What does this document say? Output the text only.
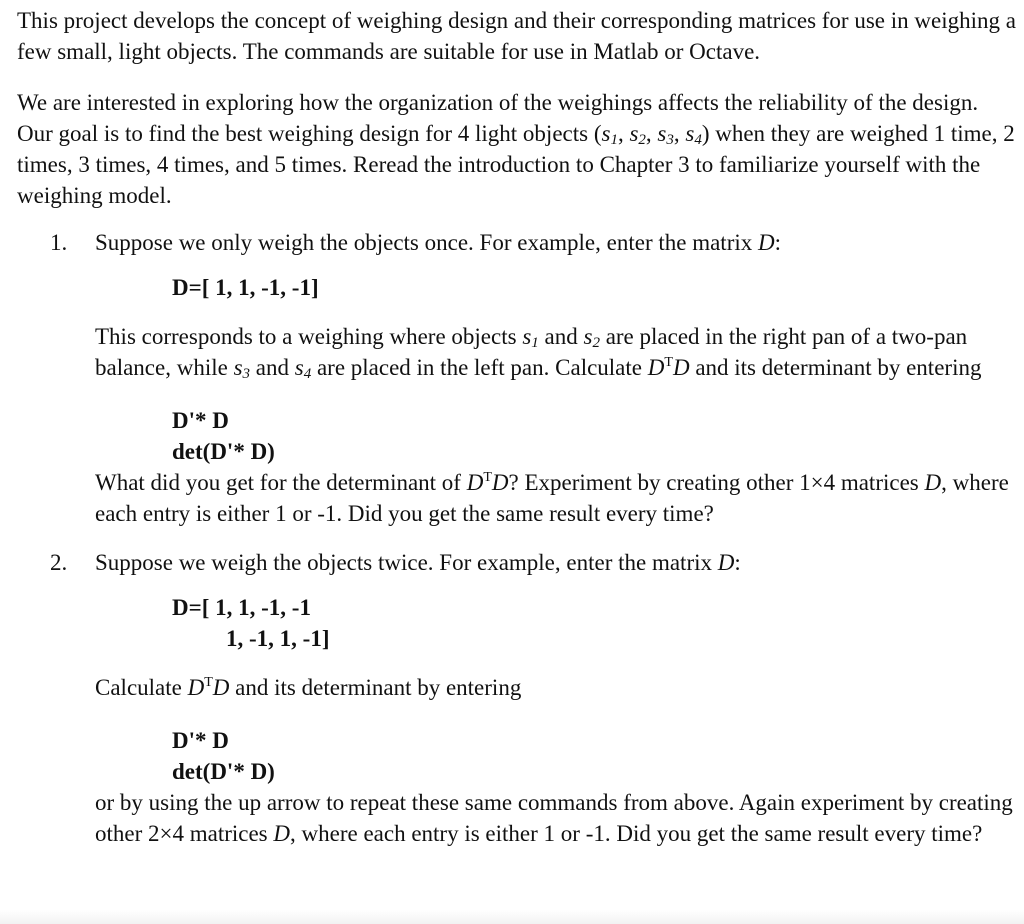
This project develops the concept of weighing design and their corresponding matrices for use in weighing a few small, light objects. The commands are suitable for use in Matlab or Octave.

We are interested in exploring how the organization of the weighings affects the reliability of the design. Our goal is to find the best weighing design for 4 light objects ($s_1$, $s_2$, $s_3$, $s_4$) when they are weighed 1 time, 2 times, 3 times, 4 times, and 5 times. Reread the introduction to Chapter 3 to familiarize yourself with the weighing model.

1. Suppose we only weigh the objects once. For example, enter the matrix D:

D=[ 1, 1, -1, -1]

This corresponds to a weighing where objects $s_1$ and $s_2$ are placed in the right pan of a two-pan balance, while $s_3$ and $s_4$ are placed in the left pan. Calculate $D^TD$ and its determinant by entering

D'* D

det(D'* D)

What did you get for the determinant of $D^TD$? Experiment by creating other 1×4 matrices D, where each entry is either 1 or -1. Did you get the same result every time?

2. Suppose we weigh the objects twice. For example, enter the matrix D:

D=[ 1, 1, -1, -1

1, -1, 1, -1]

Calculate $D^TD$ and its determinant by entering

D'* D

det(D'* D)

or by using the up arrow to repeat these same commands from above. Again experiment by creating other 2×4 matrices D, where each entry is either 1 or -1. Did you get the same result every time?
